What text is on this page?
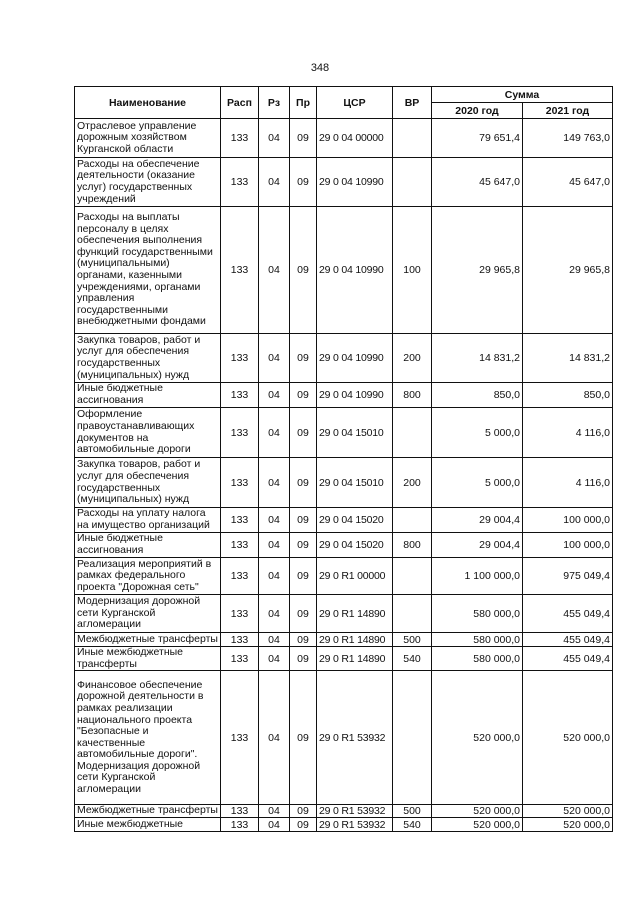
348
Наименование	Расп	Рз	Пр	ЦСР	ВР	Сумма	
						2020 год	2021 год
Отраслевое управление дорожным хозяйством Курганской области	133	04	09	29 0 04 00000		79 651,4	149 763,0
Расходы на обеспечение деятельности (оказание услуг) государственных учреждений	133	04	09	29 0 04 10990		45 647,0	45 647,0
Расходы на выплаты персоналу в целях обеспечения выполнения функций государственными (муниципальными) органами, казенными учреждениями, органами управления государственными внебюджетными фондами	133	04	09	29 0 04 10990	100	29 965,8	29 965,8
Закупка товаров, работ и услуг для обеспечения государственных (муниципальных) нужд	133	04	09	29 0 04 10990	200	14 831,2	14 831,2
Иные бюджетные ассигнования	133	04	09	29 0 04 10990	800	850,0	850,0
Оформление правоустанавливающих документов на автомобильные дороги	133	04	09	29 0 04 15010		5 000,0	4 116,0
Закупка товаров, работ и услуг для обеспечения государственных (муниципальных) нужд	133	04	09	29 0 04 15010	200	5 000,0	4 116,0
Расходы на уплату налога на имущество организаций	133	04	09	29 0 04 15020		29 004,4	100 000,0
Иные бюджетные ассигнования	133	04	09	29 0 04 15020	800	29 004,4	100 000,0
Реализация мероприятий в рамках федерального проекта "Дорожная сеть"	133	04	09	29 0 R1 00000		1 100 000,0	975 049,4
Модернизация дорожной сети Курганской агломерации	133	04	09	29 0 R1 14890		580 000,0	455 049,4
Межбюджетные трансферты	133	04	09	29 0 R1 14890	500	580 000,0	455 049,4
Иные межбюджетные трансферты	133	04	09	29 0 R1 14890	540	580 000,0	455 049,4
Финансовое обеспечение дорожной деятельности в рамках реализации национального проекта "Безопасные и качественные автомобильные дороги". Модернизация дорожной сети Курганской агломерации	133	04	09	29 0 R1 53932		520 000,0	520 000,0
Межбюджетные трансферты	133	04	09	29 0 R1 53932	500	520 000,0	520 000,0
Иные межбюджетные	133	04	09	29 0 R1 53932	540	520 000,0	520 000,0
